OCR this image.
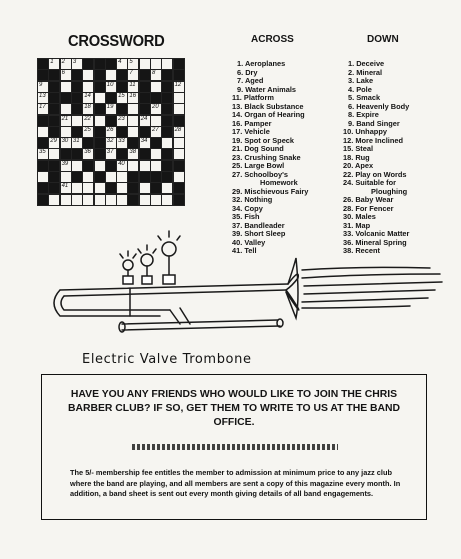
CROSSWORD
1 2 3	4 5
6	7	8
9	10	11	12
13	14	15 16
17	18	19	20
21	22	23	24
25	26	27	28
29 30 31	32 33	34
35	36	37	38
39	40
41
ACROSS	DOWN
1. Aeroplanes
6. Dry
7. Aged
9. Water Animals
11. Platform
13. Black Substance
14. Organ of Hearing
16. Pamper
17. Vehicle
19. Spot or Speck
21. Dog Sound
23. Crushing Snake
25. Large Bowl
27. Schoolboy's
Homework
29. Mischievous Fairy
32. Nothing
34. Copy
35. Fish
37. Bandleader
39. Short Sleep
40. Valley
41. Tell
1. Deceive
2. Mineral
3. Lake
4. Pole
5. Smack
6. Heavenly Body
8. Expire
9. Band Singer
10. Unhappy
12. More Inclined
15. Steal
18. Rug
20. Apex
22. Play on Words
24. Suitable for
Ploughing
26. Baby Wear
28. For Fencer
30. Males
31. Map
33. Volcanic Matter
36. Mineral Spring
38. Recent
Electric Valve Trombone
HAVE YOU ANY FRIENDS WHO WOULD LIKE TO JOIN THE CHRIS BARBER CLUB? IF SO, GET THEM TO WRITE TO US AT THE BAND OFFICE.
The 5/- membership fee entitles the member to admission at minimum price to any jazz club where the band are playing, and all members are sent a copy of this magazine every month. In addition, a band sheet is sent out every month giving details of all band engagements.
